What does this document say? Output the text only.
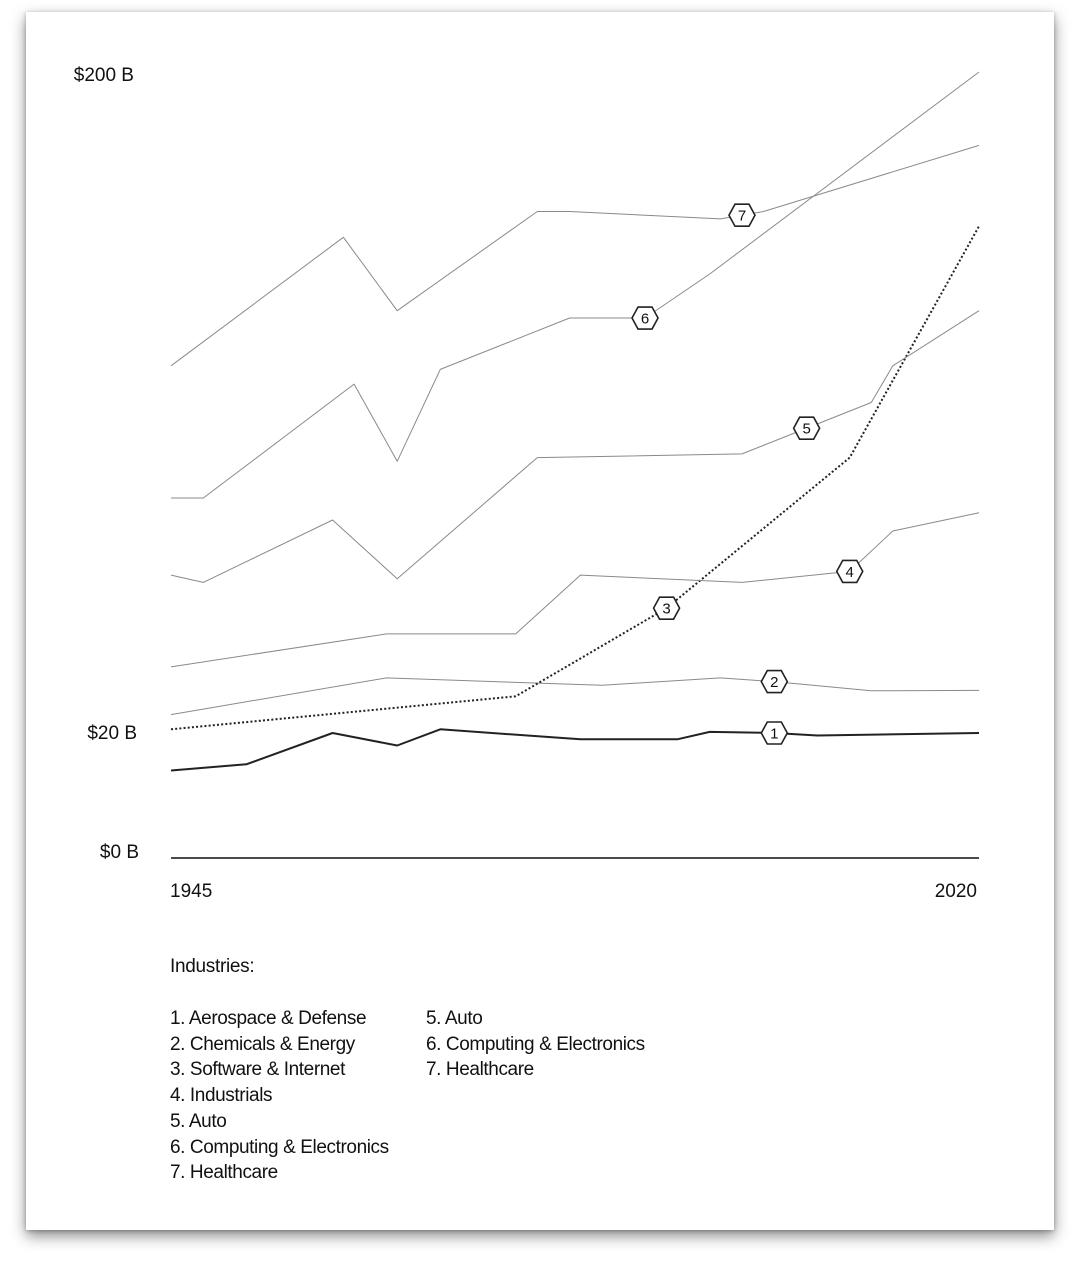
$200 B
$20 B
$0 B
1945	2020
1
2
3
4
5
6
7
Industries:
1. Aerospace & Defense
2. Chemicals & Energy
3. Software & Internet
4. Industrials
5. Auto
6. Computing & Electronics
7. Healthcare
5. Auto
6. Computing & Electronics
7. Healthcare
